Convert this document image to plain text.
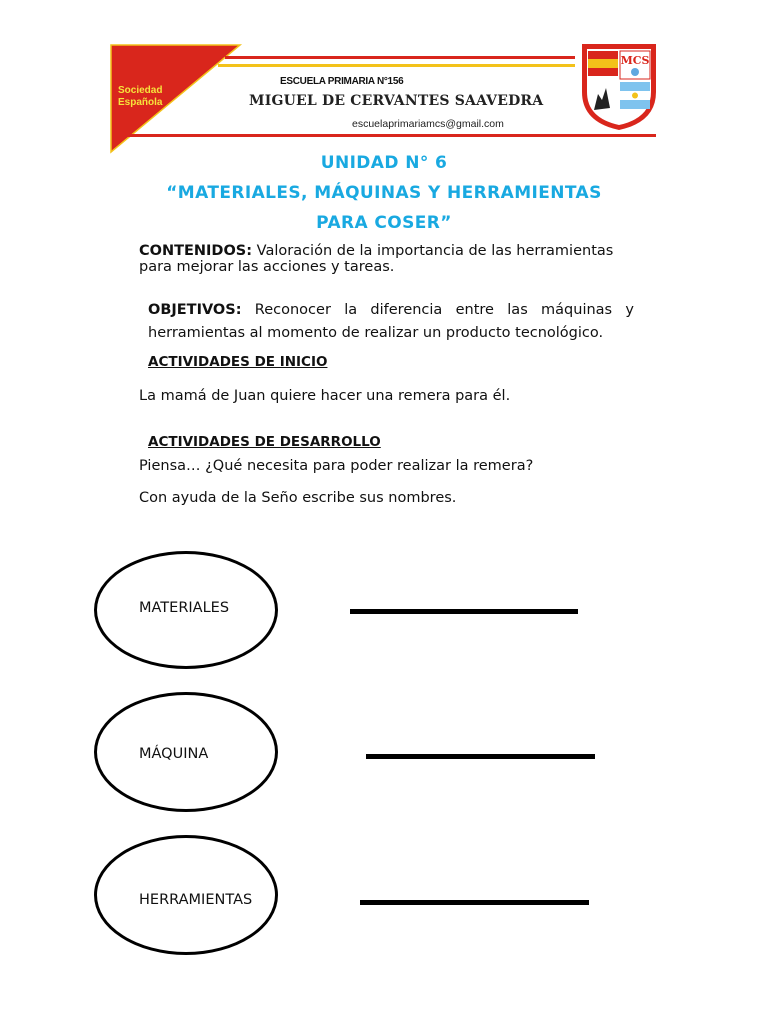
Sociedad Española
ESCUELA PRIMARIA N°156
MIGUEL DE CERVANTES SAAVEDRA
escuelaprimariamcs@gmail.com
MCS
UNIDAD N° 6
“MATERIALES, MÁQUINAS Y HERRAMIENTAS
PARA COSER”
CONTENIDOS: Valoración de la importancia de las herramientas para mejorar las acciones y tareas.
OBJETIVOS: Reconocer la diferencia entre las máquinas y herramientas al momento de realizar un producto tecnológico.
ACTIVIDADES DE INICIO
La mamá de Juan quiere hacer una remera para él.
ACTIVIDADES DE DESARROLLO
Piensa… ¿Qué necesita para poder realizar la remera?
Con ayuda de la Seño escribe sus nombres.
MATERIALES
MÁQUINA
HERRAMIENTAS
